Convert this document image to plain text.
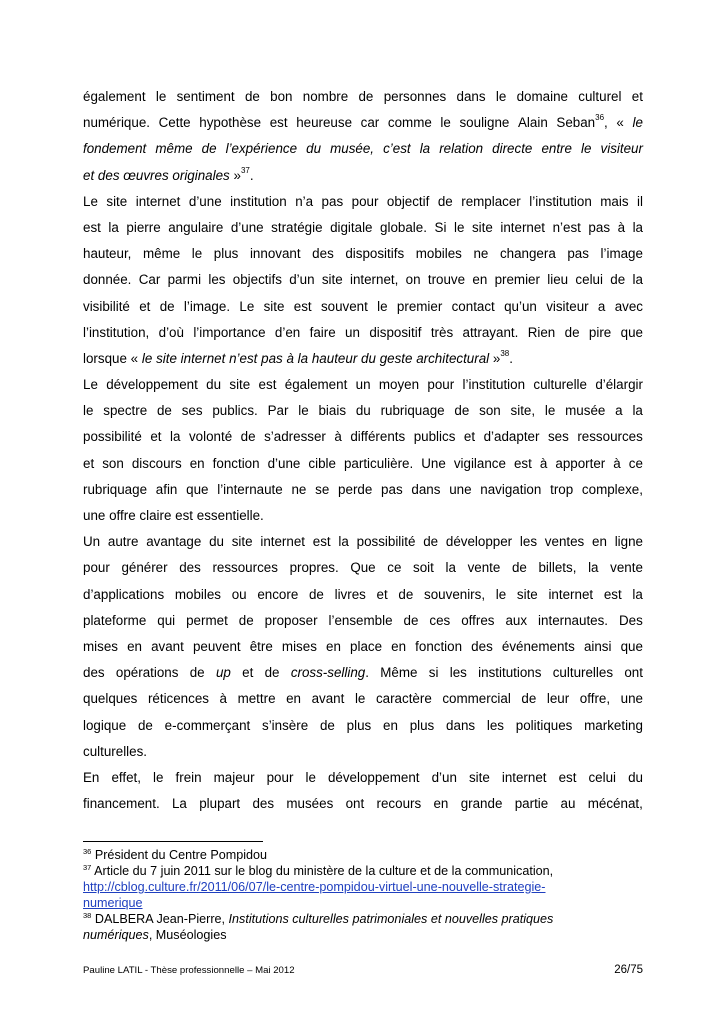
également le sentiment de bon nombre de personnes dans le domaine culturel et
numérique. Cette hypothèse est heureuse car comme le souligne Alain Seban$^{36}$, « le
fondement même de l’expérience du musée, c’est la relation directe entre le visiteur
et des œuvres originales »$^{37}$.
Le site internet d’une institution n’a pas pour objectif de remplacer l’institution mais il
est la pierre angulaire d’une stratégie digitale globale. Si le site internet n’est pas à la
hauteur, même le plus innovant des dispositifs mobiles ne changera pas l’image
donnée. Car parmi les objectifs d’un site internet, on trouve en premier lieu celui de la
visibilité et de l’image. Le site est souvent le premier contact qu’un visiteur a avec
l’institution, d’où l’importance d’en faire un dispositif très attrayant. Rien de pire que
lorsque « le site internet n’est pas à la hauteur du geste architectural »$^{38}$.
Le développement du site est également un moyen pour l’institution culturelle d’élargir
le spectre de ses publics. Par le biais du rubriquage de son site, le musée a la
possibilité et la volonté de s’adresser à différents publics et d’adapter ses ressources
et son discours en fonction d’une cible particulière. Une vigilance est à apporter à ce
rubriquage afin que l’internaute ne se perde pas dans une navigation trop complexe,
une offre claire est essentielle.
Un autre avantage du site internet est la possibilité de développer les ventes en ligne
pour générer des ressources propres. Que ce soit la vente de billets, la vente
d’applications mobiles ou encore de livres et de souvenirs, le site internet est la
plateforme qui permet de proposer l’ensemble de ces offres aux internautes. Des
mises en avant peuvent être mises en place en fonction des événements ainsi que
des opérations de up et de cross-selling. Même si les institutions culturelles ont
quelques réticences à mettre en avant le caractère commercial de leur offre, une
logique de e-commerçant s’insère de plus en plus dans les politiques marketing
culturelles.
En effet, le frein majeur pour le développement d’un site internet est celui du
financement. La plupart des musées ont recours en grande partie au mécénat,
$^{36}$ Président du Centre Pompidou
$^{37}$ Article du 7 juin 2011 sur le blog du ministère de la culture et de la communication,
http://cblog.culture.fr/2011/06/07/le-centre-pompidou-virtuel-une-nouvelle-strategie-
numerique
$^{38}$ DALBERA Jean-Pierre, Institutions culturelles patrimoniales et nouvelles pratiques
numériques, Muséologies
Pauline LATIL - Thèse professionnelle – Mai 2012	26/75
